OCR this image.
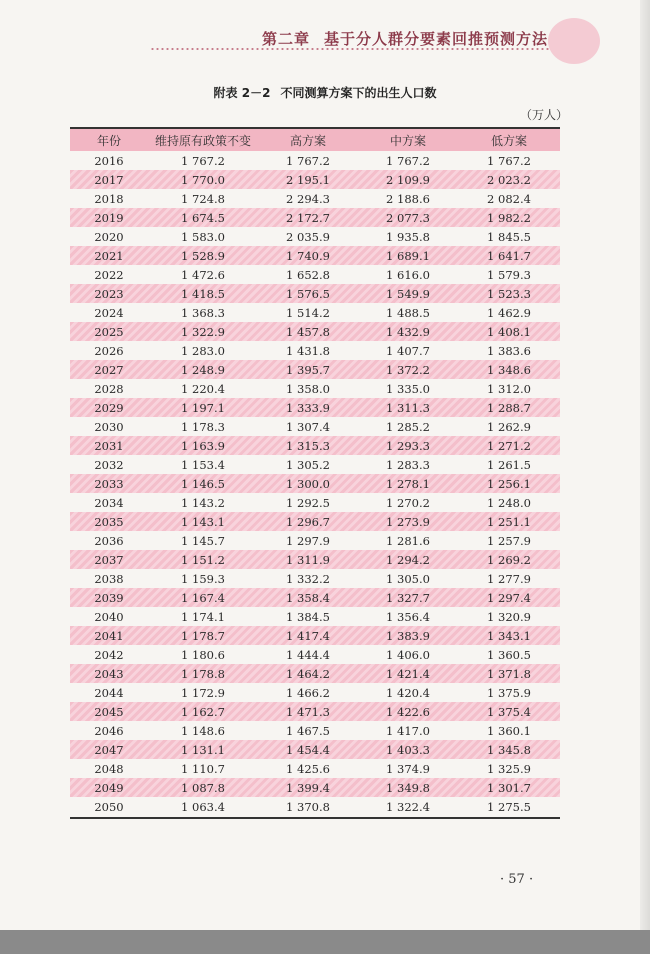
第二章 基于分人群分要素回推预测方法
附表 2－2 不同测算方案下的出生人口数
（万人）
年份	维持原有政策不变	高方案	中方案	低方案
2016	1 767.2	1 767.2	1 767.2	1 767.2
2017	1 770.0	2 195.1	2 109.9	2 023.2
2018	1 724.8	2 294.3	2 188.6	2 082.4
2019	1 674.5	2 172.7	2 077.3	1 982.2
2020	1 583.0	2 035.9	1 935.8	1 845.5
2021	1 528.9	1 740.9	1 689.1	1 641.7
2022	1 472.6	1 652.8	1 616.0	1 579.3
2023	1 418.5	1 576.5	1 549.9	1 523.3
2024	1 368.3	1 514.2	1 488.5	1 462.9
2025	1 322.9	1 457.8	1 432.9	1 408.1
2026	1 283.0	1 431.8	1 407.7	1 383.6
2027	1 248.9	1 395.7	1 372.2	1 348.6
2028	1 220.4	1 358.0	1 335.0	1 312.0
2029	1 197.1	1 333.9	1 311.3	1 288.7
2030	1 178.3	1 307.4	1 285.2	1 262.9
2031	1 163.9	1 315.3	1 293.3	1 271.2
2032	1 153.4	1 305.2	1 283.3	1 261.5
2033	1 146.5	1 300.0	1 278.1	1 256.1
2034	1 143.2	1 292.5	1 270.2	1 248.0
2035	1 143.1	1 296.7	1 273.9	1 251.1
2036	1 145.7	1 297.9	1 281.6	1 257.9
2037	1 151.2	1 311.9	1 294.2	1 269.2
2038	1 159.3	1 332.2	1 305.0	1 277.9
2039	1 167.4	1 358.4	1 327.7	1 297.4
2040	1 174.1	1 384.5	1 356.4	1 320.9
2041	1 178.7	1 417.4	1 383.9	1 343.1
2042	1 180.6	1 444.4	1 406.0	1 360.5
2043	1 178.8	1 464.2	1 421.4	1 371.8
2044	1 172.9	1 466.2	1 420.4	1 375.9
2045	1 162.7	1 471.3	1 422.6	1 375.4
2046	1 148.6	1 467.5	1 417.0	1 360.1
2047	1 131.1	1 454.4	1 403.3	1 345.8
2048	1 110.7	1 425.6	1 374.9	1 325.9
2049	1 087.8	1 399.4	1 349.8	1 301.7
2050	1 063.4	1 370.8	1 322.4	1 275.5
· 57 ·
